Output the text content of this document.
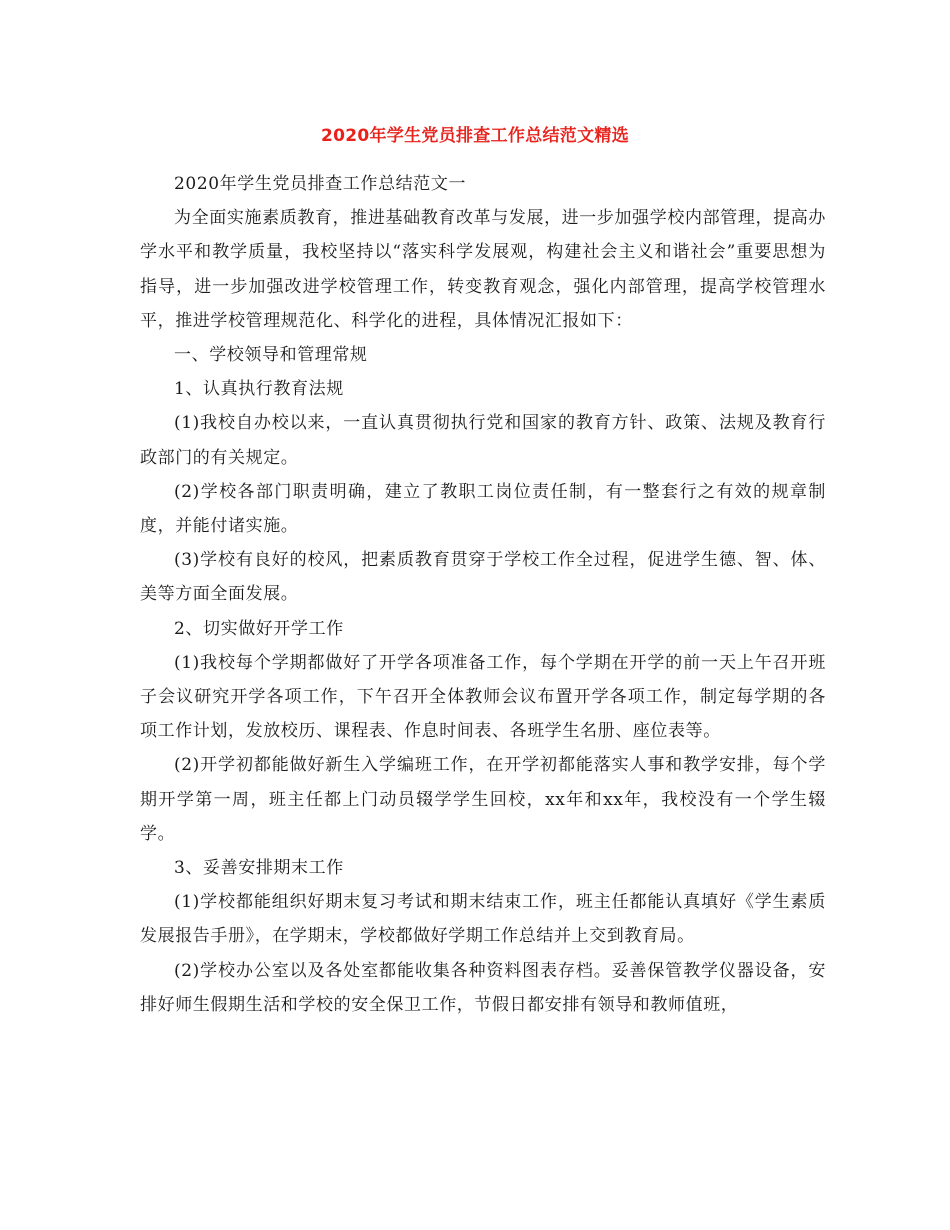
2020年学生党员排查工作总结范文精选

2020年学生党员排查工作总结范文一

为全面实施素质教育，推进基础教育改革与发展，进一步加强学校内部管理，提高办学水平和教学质量，我校坚持以“落实科学发展观，构建社会主义和谐社会”重要思想为指导，进一步加强改进学校管理工作，转变教育观念，强化内部管理，提高学校管理水平，推进学校管理规范化、科学化的进程，具体情况汇报如下：

一、学校领导和管理常规

1、认真执行教育法规

(1)我校自办校以来，一直认真贯彻执行党和国家的教育方针、政策、法规及教育行政部门的有关规定。

(2)学校各部门职责明确，建立了教职工岗位责任制，有一整套行之有效的规章制度，并能付诸实施。

(3)学校有良好的校风，把素质教育贯穿于学校工作全过程，促进学生德、智、体、美等方面全面发展。

2、切实做好开学工作

(1)我校每个学期都做好了开学各项准备工作，每个学期在开学的前一天上午召开班子会议研究开学各项工作，下午召开全体教师会议布置开学各项工作，制定每学期的各项工作计划，发放校历、课程表、作息时间表、各班学生名册、座位表等。

(2)开学初都能做好新生入学编班工作，在开学初都能落实人事和教学安排，每个学期开学第一周，班主任都上门动员辍学学生回校，xx年和xx年，我校没有一个学生辍学。

3、妥善安排期末工作

(1)学校都能组织好期末复习考试和期末结束工作，班主任都能认真填好《学生素质发展报告手册》，在学期末，学校都做好学期工作总结并上交到教育局。

(2)学校办公室以及各处室都能收集各种资料图表存档。妥善保管教学仪器设备，安排好师生假期生活和学校的安全保卫工作，节假日都安排有领导和教师值班，
